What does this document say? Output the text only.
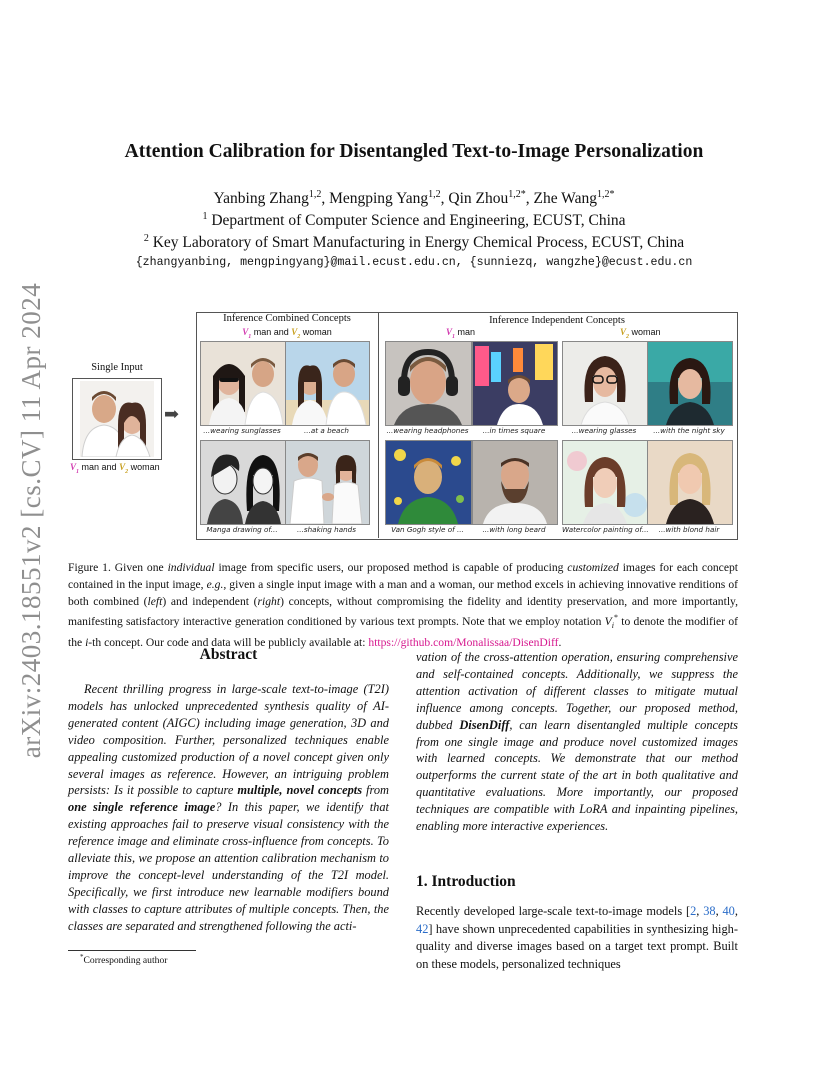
arXiv:2403.18551v2 [cs.CV] 11 Apr 2024
Attention Calibration for Disentangled Text-to-Image Personalization
Yanbing Zhang$^{1,2}$, Mengping Yang$^{1,2}$, Qin Zhou$^{1,2*}$, Zhe Wang$^{1,2*}$
$^1$ Department of Computer Science and Engineering, ECUST, China
$^2$ Key Laboratory of Smart Manufacturing in Energy Chemical Process, ECUST, China
{zhangyanbing, mengpingyang}@mail.ecust.edu.cn, {sunniezq, wangzhe}@ecust.edu.cn
Single Input
$V_1$ man and $V_2$ woman
➡
Inference Combined Concepts	Inference Independent Concepts
$V_1$ man and $V_2$ woman	$V_1$ man	$V_2$ woman
...wearing sunglasses	...at a beach	...wearing headphones	...in times square	...wearing glasses	...with the night sky
Manga drawing of...	...shaking hands	Van Gogh style of ...	...with long beard	Watercolor painting of...	...with blond hair
Figure 1. Given one individual image from specific users, our proposed method is capable of producing customized images for each concept contained in the input image, e.g., given a single input image with a man and a woman, our method excels in achieving innovative renditions of both combined (left) and independent (right) concepts, without compromising the fidelity and identity preservation, and more importantly, manifesting satisfactory interactive generation conditioned by various text prompts. Note that we employ notation $V_i^*$ to denote the modifier of the i-th concept. Our code and data will be publicly available at: https://github.com/Monalissaa/DisenDiff.
Abstract
Recent thrilling progress in large-scale text-to-image (T2I) models has unlocked unprecedented synthesis quality of AI-generated content (AIGC) including image generation, 3D and video composition. Further, personalized techniques enable appealing customized production of a novel concept given only several images as reference. However, an intriguing problem persists: Is it possible to capture multiple, novel concepts from one single reference image? In this paper, we identify that existing approaches fail to preserve visual consistency with the reference image and eliminate cross-influence from concepts. To alleviate this, we propose an attention calibration mechanism to improve the concept-level understanding of the T2I model. Specifically, we first introduce new learnable modifiers bound with classes to capture attributes of multiple concepts. Then, the classes are separated and strengthened following the acti-
vation of the cross-attention operation, ensuring comprehensive and self-contained concepts. Additionally, we suppress the attention activation of different classes to mitigate mutual influence among concepts. Together, our proposed method, dubbed DisenDiff, can learn disentangled multiple concepts from one single image and produce novel customized images with learned concepts. We demonstrate that our method outperforms the current state of the art in both qualitative and quantitative evaluations. More importantly, our proposed techniques are compatible with LoRA and inpainting pipelines, enabling more interactive experiences.
1. Introduction
Recently developed large-scale text-to-image models [2, 38, 40, 42] have shown unprecedented capabilities in synthesizing high-quality and diverse images based on a target text prompt. Built on these models, personalized techniques
*Corresponding author
